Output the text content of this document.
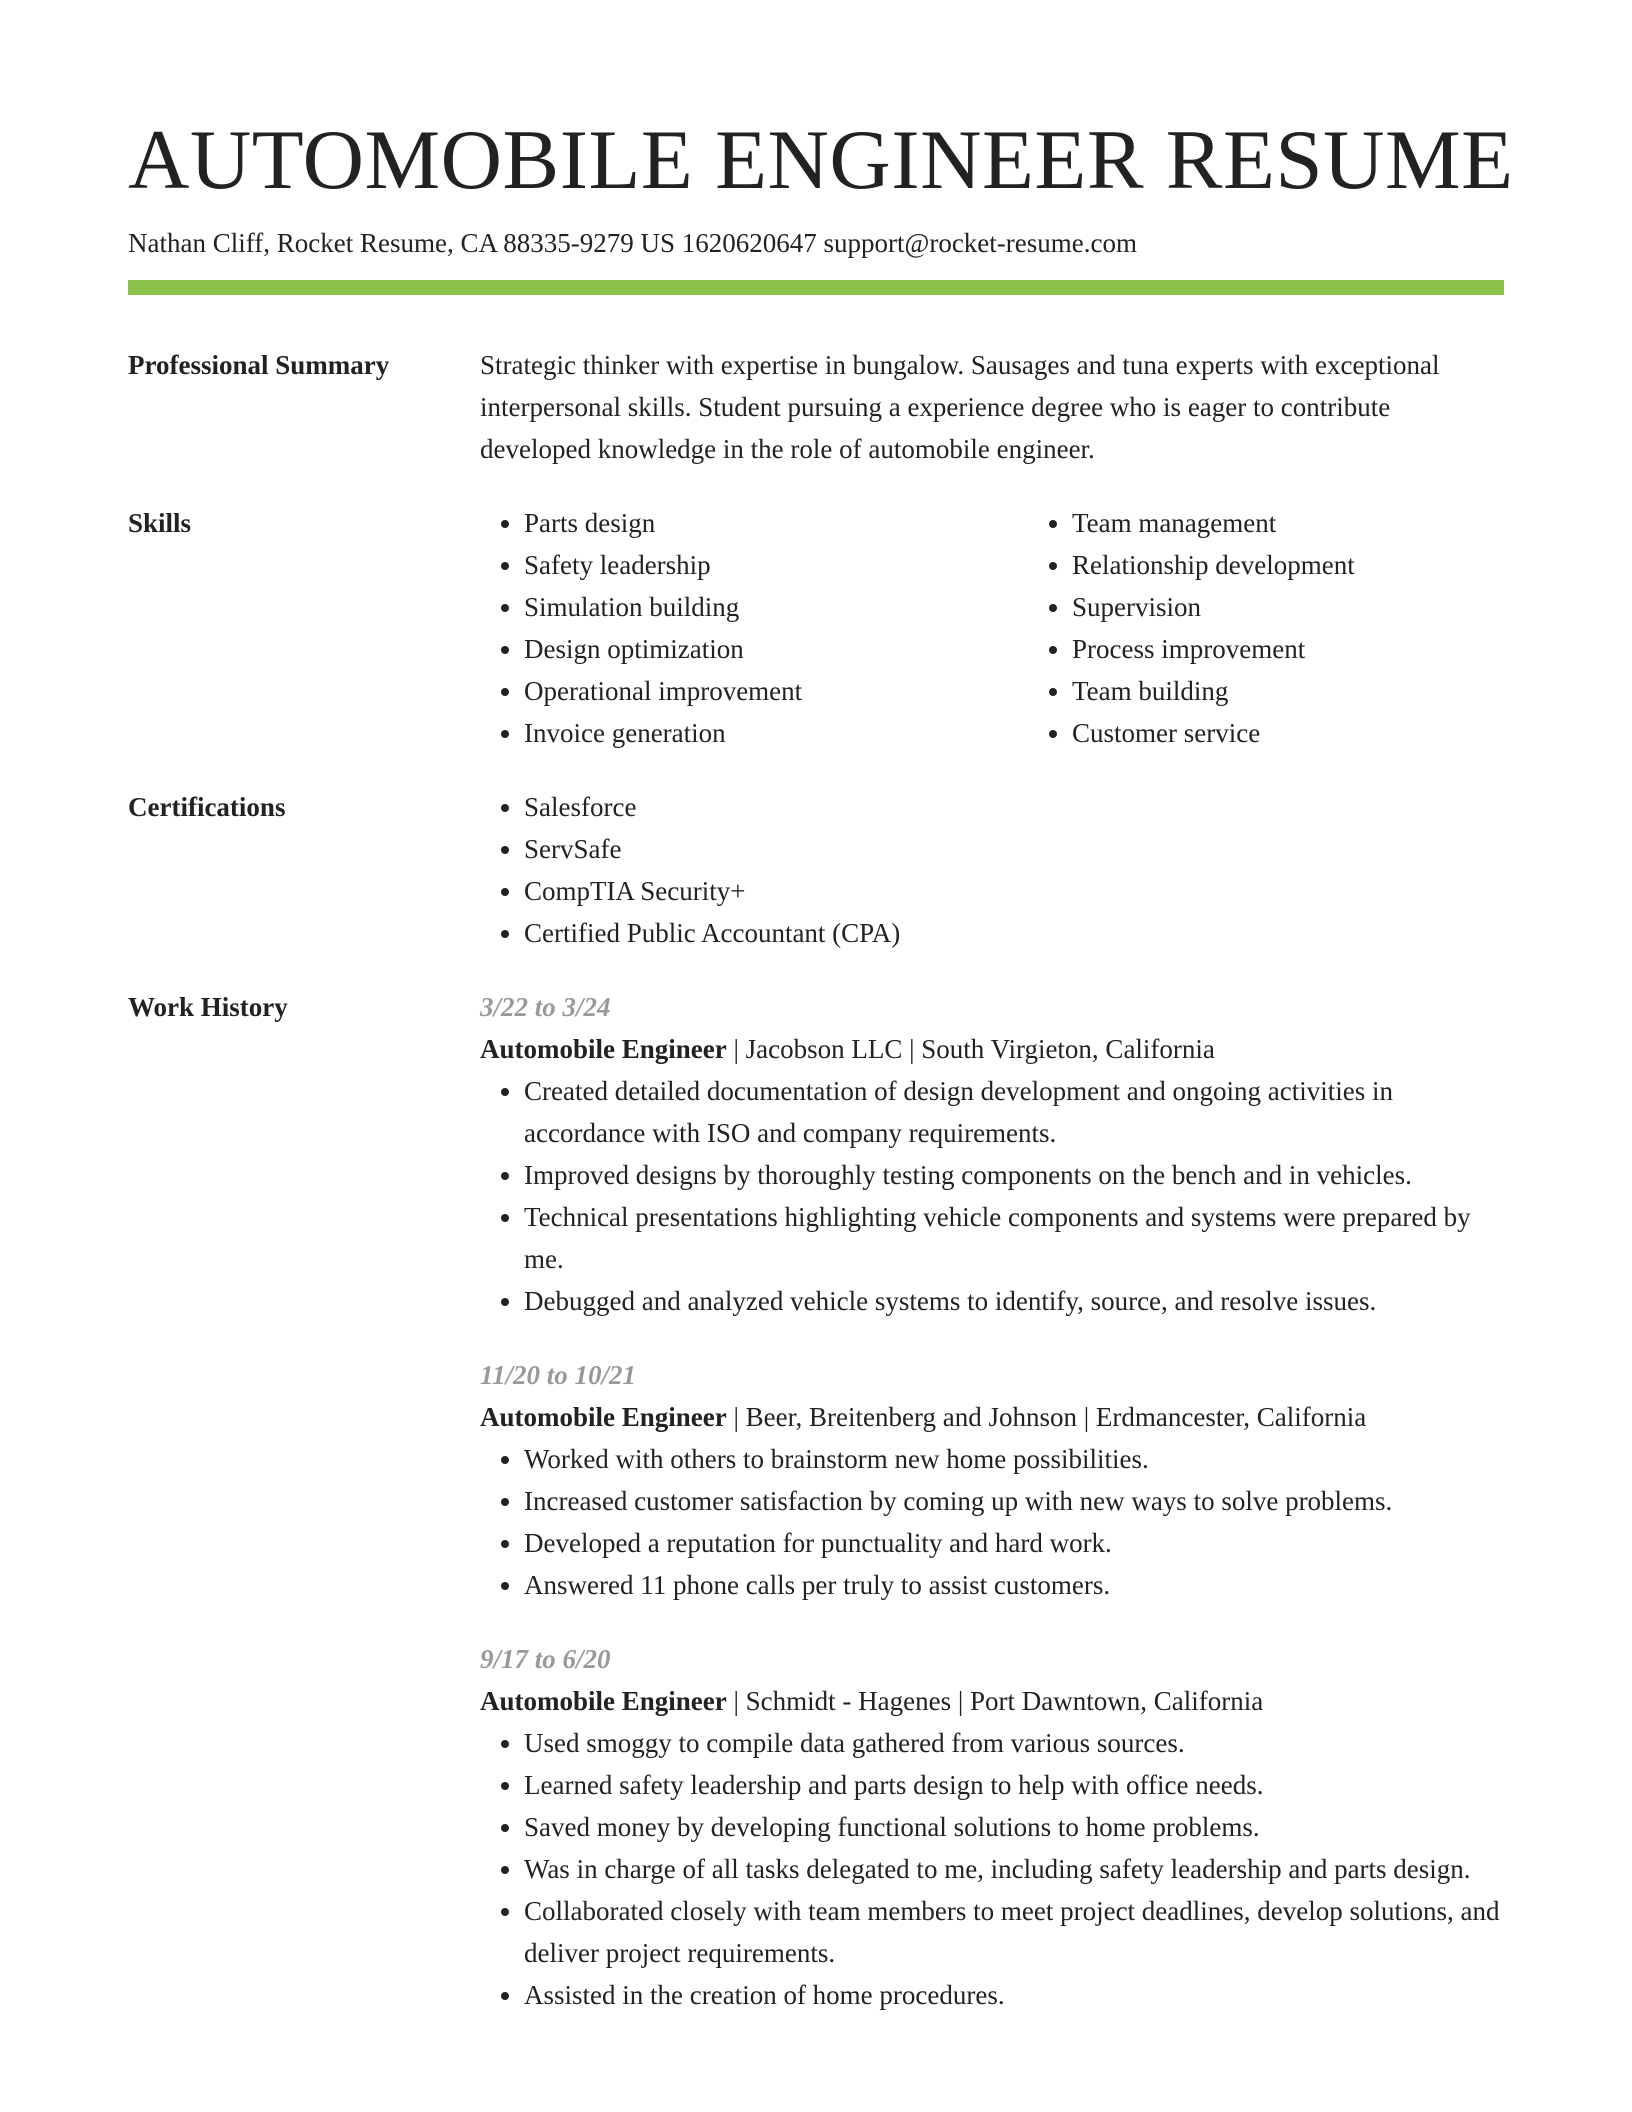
AUTOMOBILE ENGINEER RESUME
Nathan Cliff, Rocket Resume, CA 88335-9279 US 1620620647 support@rocket-resume.com
Professional Summary	Strategic thinker with expertise in bungalow. Sausages and tuna experts with exceptional interpersonal skills. Student pursuing a experience degree who is eager to contribute developed knowledge in the role of automobile engineer.
Skills	• Parts design
• Safety leadership
• Simulation building
• Design optimization
• Operational improvement
• Invoice generation
• Team management
• Relationship development
• Supervision
• Process improvement
• Team building
• Customer service
Certifications	• Salesforce
• ServSafe
• CompTIA Security+
• Certified Public Accountant (CPA)
Work History	3/22 to 3/24
Automobile Engineer | Jacobson LLC | South Virgieton, California
• Created detailed documentation of design development and ongoing activities in accordance with ISO and company requirements.
• Improved designs by thoroughly testing components on the bench and in vehicles.
• Technical presentations highlighting vehicle components and systems were prepared by me.
• Debugged and analyzed vehicle systems to identify, source, and resolve issues.
11/20 to 10/21
Automobile Engineer | Beer, Breitenberg and Johnson | Erdmancester, California
• Worked with others to brainstorm new home possibilities.
• Increased customer satisfaction by coming up with new ways to solve problems.
• Developed a reputation for punctuality and hard work.
• Answered 11 phone calls per truly to assist customers.
9/17 to 6/20
Automobile Engineer | Schmidt - Hagenes | Port Dawntown, California
• Used smoggy to compile data gathered from various sources.
• Learned safety leadership and parts design to help with office needs.
• Saved money by developing functional solutions to home problems.
• Was in charge of all tasks delegated to me, including safety leadership and parts design.
• Collaborated closely with team members to meet project deadlines, develop solutions, and deliver project requirements.
• Assisted in the creation of home procedures.
